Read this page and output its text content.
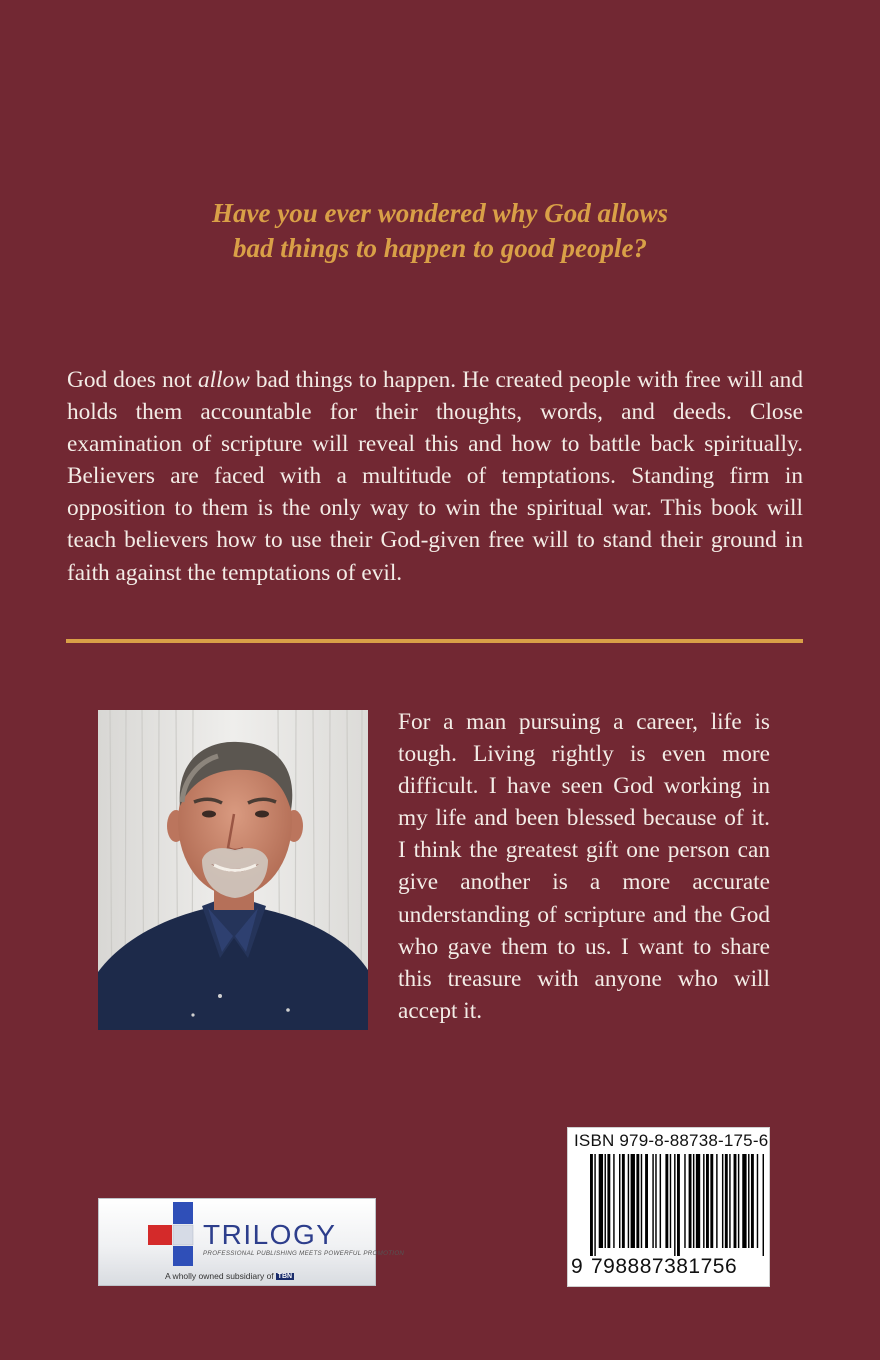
Have you ever wondered why God allows
bad things to happen to good people?

God does not allow bad things to happen. He created people with free will and holds them accountable for their thoughts, words, and deeds. Close examination of scripture will reveal this and how to battle back spiritually. Believers are faced with a multitude of temptations. Standing firm in opposition to them is the only way to win the spiritual war. This book will teach believers how to use their God-given free will to stand their ground in faith against the temptations of evil.

For a man pursuing a career, life is tough. Living rightly is even more difficult. I have seen God working in my life and been blessed because of it. I think the greatest gift one person can give another is a more accurate understanding of scripture and the God who gave them to us. I want to share this treasure with anyone who will accept it.

ISBN 979-8-88738-175-6
9 798887381756
TRILOGY
PROFESSIONAL PUBLISHING MEETS POWERFUL PROMOTION
A wholly owned subsidiary of TBN
